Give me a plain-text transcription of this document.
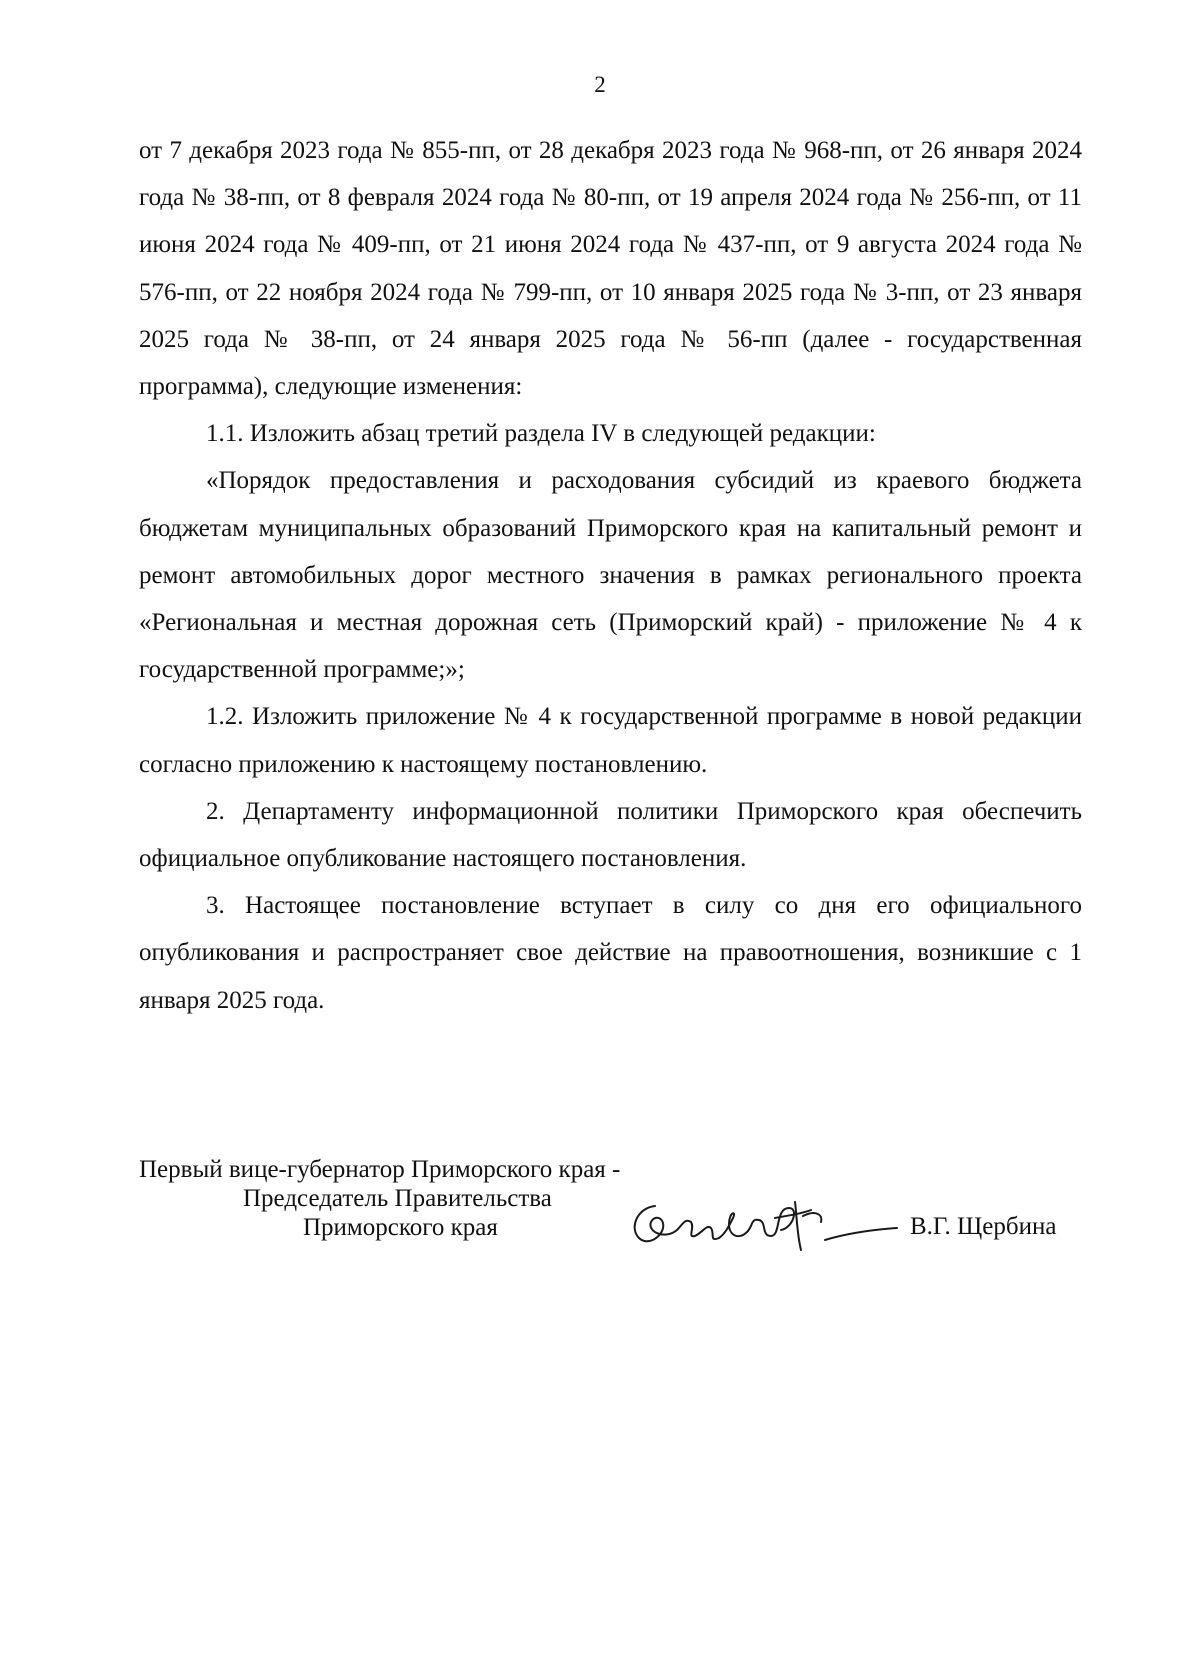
2

от 7 декабря 2023 года № 855-пп, от 28 декабря 2023 года № 968-пп, от 26 января 2024 года № 38-пп, от 8 февраля 2024 года № 80-пп, от 19 апреля 2024 года № 256-пп, от 11 июня 2024 года № 409-пп, от 21 июня 2024 года № 437-пп, от 9 августа 2024 года № 576-пп, от 22 ноября 2024 года № 799-пп, от 10 января 2025 года № 3-пп, от 23 января 2025 года № 38-пп, от 24 января 2025 года № 56-пп (далее - государственная программа), следующие изменения:

1.1. Изложить абзац третий раздела IV в следующей редакции:

«Порядок предоставления и расходования субсидий из краевого бюджета бюджетам муниципальных образований Приморского края на капитальный ремонт и ремонт автомобильных дорог местного значения в рамках регионального проекта «Региональная и местная дорожная сеть (Приморский край) - приложение № 4 к государственной программе;»;

1.2. Изложить приложение № 4 к государственной программе в новой редакции согласно приложению к настоящему постановлению.

2. Департаменту информационной политики Приморского края обеспечить официальное опубликование настоящего постановления.

3. Настоящее постановление вступает в силу со дня его официального опубликования и распространяет свое действие на правоотношения, возникшие с 1 января 2025 года.

Первый вице-губернатор Приморского края -
Председатель Правительства
Приморского края	В.Г. Щербина
